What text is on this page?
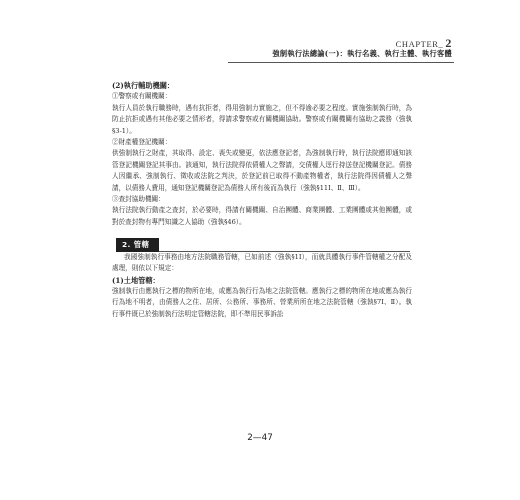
CHAPTER_ 2
強制執行法總論(一)：執行名義、執行主體、執行客體

(2)執行輔助機關：

①警察或有關機關：

執行人員於執行職務時，遇有抗拒者，得用強制力實施之，但不得逾必要之程度。實施強制執行時，為防止抗拒或遇有其他必要之情形者，得請求警察或有關機關協助。警察或有關機關有協助之義務（強執§3-1）。

②財產權登記機關：

供強制執行之財產，其取得、設定、喪失或變更，依法應登記者，為強制執行時，執行法院應即通知該管登記機關登記其事由。該通知，執行法院得依債權人之聲請，交債權人逕行持送登記機關登記。債務人因繼承、強制執行、徵收或法院之判決，於登記前已取得不動產物權者，執行法院得因債權人之聲請，以債務人費用，通知登記機關登記為債務人所有後而為執行（強執§11Ⅰ、Ⅱ、Ⅲ）。

③查封協助機關：

執行法院執行動產之查封，於必要時，得請有關機關、自治團體、商業團體、工業團體或其他團體，或對於查封物有專門知識之人協助（強執§46）。

2. 管轄

我國強制執行事務由地方法院職務管轄，已如前述（強執§1Ⅰ），而就具體執行事件管轄權之分配及處理，則依以下規定：

(1)土地管轄：

強制執行由應執行之標的物所在地，或應為執行行為地之法院管轄。應執行之標的物所在地或應為執行行為地不明者，由債務人之住、居所、公務所、事務所、營業所所在地之法院管轄（強執§7Ⅰ、Ⅱ）。執行事件既已於強制執行法明定管轄法院，即不準用民事訴訟

2—47
